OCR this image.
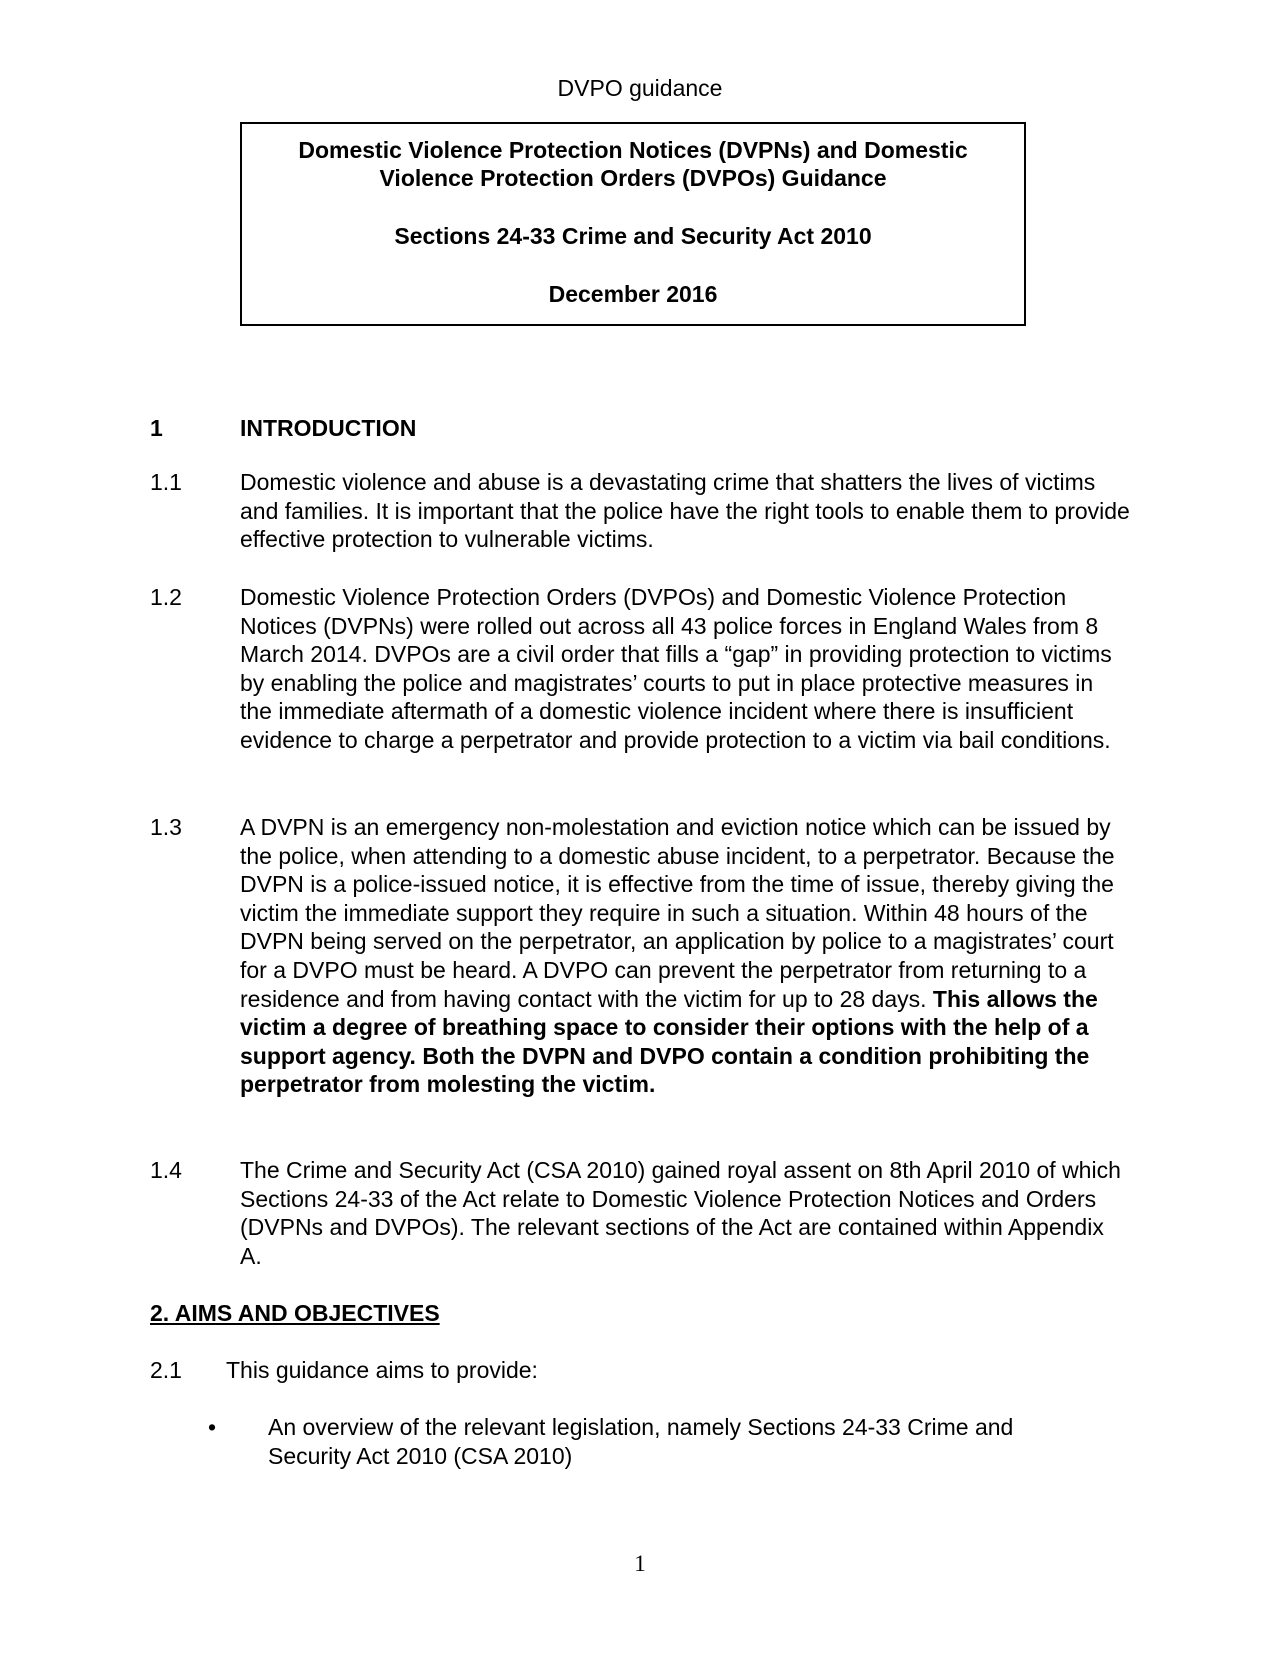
DVPO guidance
Domestic Violence Protection Notices (DVPNs) and Domestic
Violence Protection Orders (DVPOs) Guidance
Sections 24-33 Crime and Security Act 2010
December 2016
1	INTRODUCTION
1.1	Domestic violence and abuse is a devastating crime that shatters the lives of victims and families. It is important that the police have the right tools to enable them to provide effective protection to vulnerable victims.
1.2	Domestic Violence Protection Orders (DVPOs) and Domestic Violence Protection Notices (DVPNs) were rolled out across all 43 police forces in England Wales from 8 March 2014. DVPOs are a civil order that fills a “gap” in providing protection to victims by enabling the police and magistrates’ courts to put in place protective measures in the immediate aftermath of a domestic violence incident where there is insufficient evidence to charge a perpetrator and provide protection to a victim via bail conditions.
1.3	A DVPN is an emergency non-molestation and eviction notice which can be issued by the police, when attending to a domestic abuse incident, to a perpetrator. Because the DVPN is a police-issued notice, it is effective from the time of issue, thereby giving the victim the immediate support they require in such a situation. Within 48 hours of the DVPN being served on the perpetrator, an application by police to a magistrates’ court for a DVPO must be heard. A DVPO can prevent the perpetrator from returning to a residence and from having contact with the victim for up to 28 days. This allows the victim a degree of breathing space to consider their options with the help of a support agency. Both the DVPN and DVPO contain a condition prohibiting the perpetrator from molesting the victim.
1.4	The Crime and Security Act (CSA 2010) gained royal assent on 8th April 2010 of which Sections 24-33 of the Act relate to Domestic Violence Protection Notices and Orders (DVPNs and DVPOs). The relevant sections of the Act are contained within Appendix A.
2. AIMS AND OBJECTIVES
2.1 This guidance aims to provide:
•	An overview of the relevant legislation, namely Sections 24-33 Crime and Security Act 2010 (CSA 2010)
1
